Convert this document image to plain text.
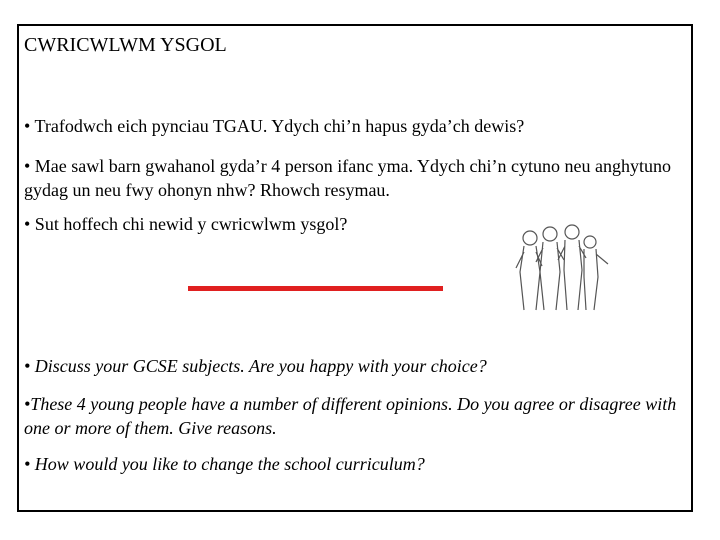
CWRICWLWM YSGOL
• Trafodwch eich pynciau TGAU. Ydych chi’n hapus gyda’ch dewis?
• Mae sawl barn gwahanol gyda’r 4 person ifanc yma. Ydych chi’n cytuno neu anghytuno gydag un neu fwy ohonyn nhw? Rhowch resymau.
• Sut hoffech chi newid y cwricwlwm ysgol?
• Discuss your GCSE subjects. Are you happy with your choice?
•These 4 young people have a number of different opinions. Do you agree or disagree with one or more of them. Give reasons.
• How would you like to change the school curriculum?
